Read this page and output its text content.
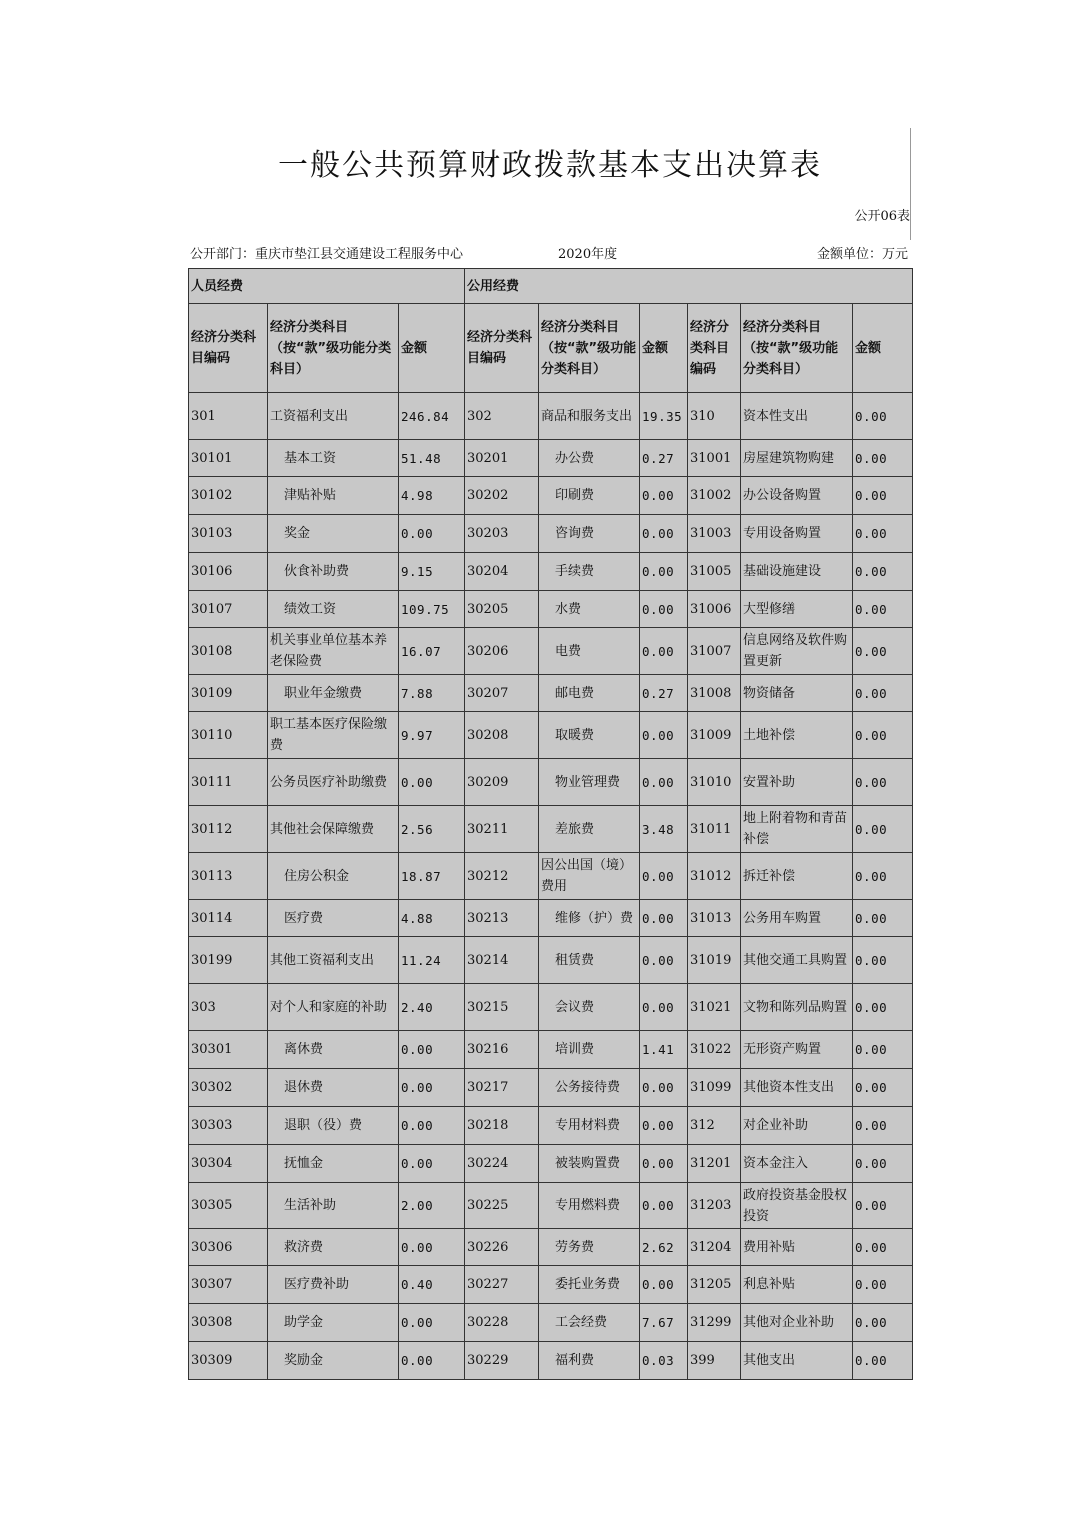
一般公共预算财政拨款基本支出决算表
公开06表
公开部门：重庆市垫江县交通建设工程服务中心	2020年度	金额单位：万元
人员经费			公用经费					
经济分类科目编码	经济分类科目（按“款”级功能分类科目）	金额	经济分类科目编码	经济分类科目（按“款”级功能分类科目）	金额	经济分类科目编码	经济分类科目（按“款”级功能分类科目）	金额
301	工资福利支出	246.84	302	商品和服务支出	19.35	310	资本性支出	0.00
30101	基本工资	51.48	30201	办公费	0.27	31001	房屋建筑物购建	0.00
30102	津贴补贴	4.98	30202	印刷费	0.00	31002	办公设备购置	0.00
30103	奖金	0.00	30203	咨询费	0.00	31003	专用设备购置	0.00
30106	伙食补助费	9.15	30204	手续费	0.00	31005	基础设施建设	0.00
30107	绩效工资	109.75	30205	水费	0.00	31006	大型修缮	0.00
30108	机关事业单位基本养老保险费	16.07	30206	电费	0.00	31007	信息网络及软件购置更新	0.00
30109	职业年金缴费	7.88	30207	邮电费	0.27	31008	物资储备	0.00
30110	职工基本医疗保险缴费	9.97	30208	取暖费	0.00	31009	土地补偿	0.00
30111	公务员医疗补助缴费	0.00	30209	物业管理费	0.00	31010	安置补助	0.00
30112	其他社会保障缴费	2.56	30211	差旅费	3.48	31011	地上附着物和青苗补偿	0.00
30113	住房公积金	18.87	30212	因公出国（境）费用	0.00	31012	拆迁补偿	0.00
30114	医疗费	4.88	30213	维修（护）费	0.00	31013	公务用车购置	0.00
30199	其他工资福利支出	11.24	30214	租赁费	0.00	31019	其他交通工具购置	0.00
303	对个人和家庭的补助	2.40	30215	会议费	0.00	31021	文物和陈列品购置	0.00
30301	离休费	0.00	30216	培训费	1.41	31022	无形资产购置	0.00
30302	退休费	0.00	30217	公务接待费	0.00	31099	其他资本性支出	0.00
30303	退职（役）费	0.00	30218	专用材料费	0.00	312	对企业补助	0.00
30304	抚恤金	0.00	30224	被装购置费	0.00	31201	资本金注入	0.00
30305	生活补助	2.00	30225	专用燃料费	0.00	31203	政府投资基金股权投资	0.00
30306	救济费	0.00	30226	劳务费	2.62	31204	费用补贴	0.00
30307	医疗费补助	0.40	30227	委托业务费	0.00	31205	利息补贴	0.00
30308	助学金	0.00	30228	工会经费	7.67	31299	其他对企业补助	0.00
30309	奖励金	0.00	30229	福利费	0.03	399	其他支出	0.00
